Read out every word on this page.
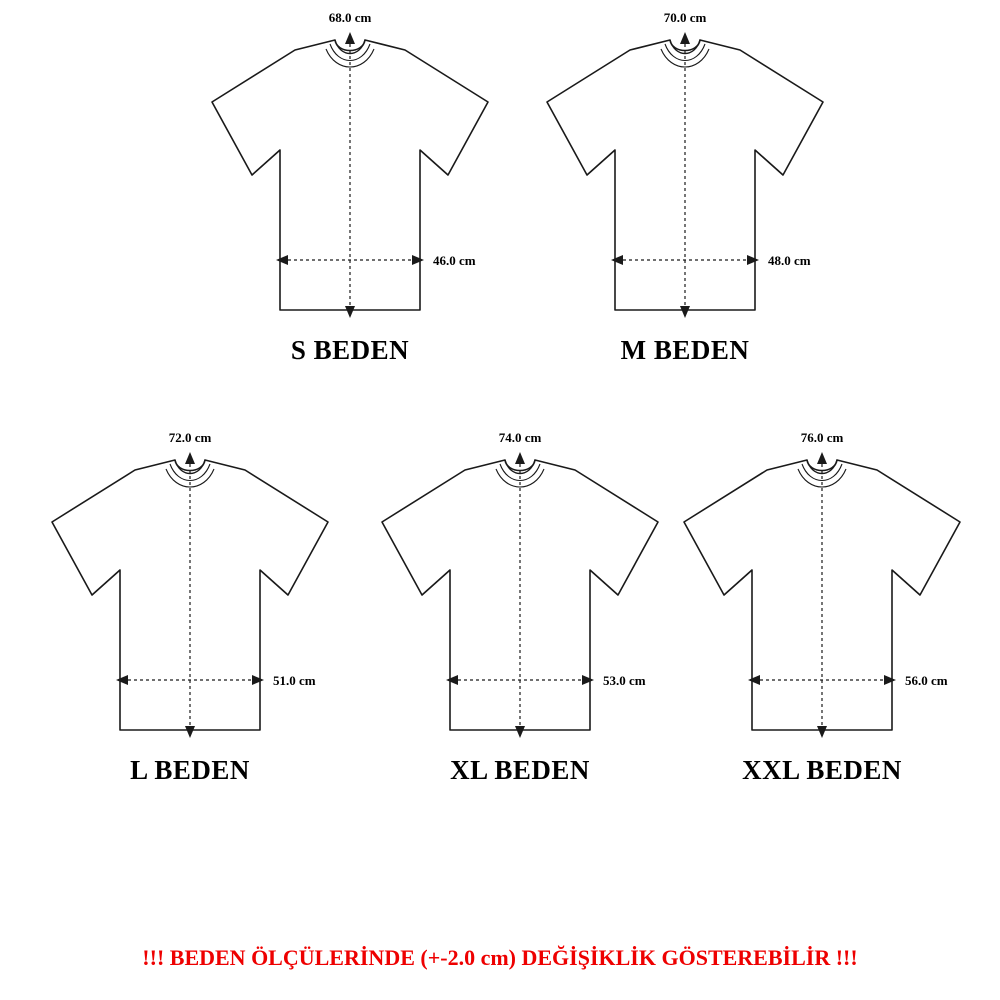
68.0 cm
46.0 cm
S BEDEN
70.0 cm
48.0 cm
M BEDEN
72.0 cm
51.0 cm
L BEDEN
74.0 cm
53.0 cm
XL BEDEN
76.0 cm
56.0 cm
XXL BEDEN
!!! BEDEN ÖLÇÜLERİNDE (+-2.0 cm) DEĞİŞİKLİK GÖSTEREBİLİR !!!
